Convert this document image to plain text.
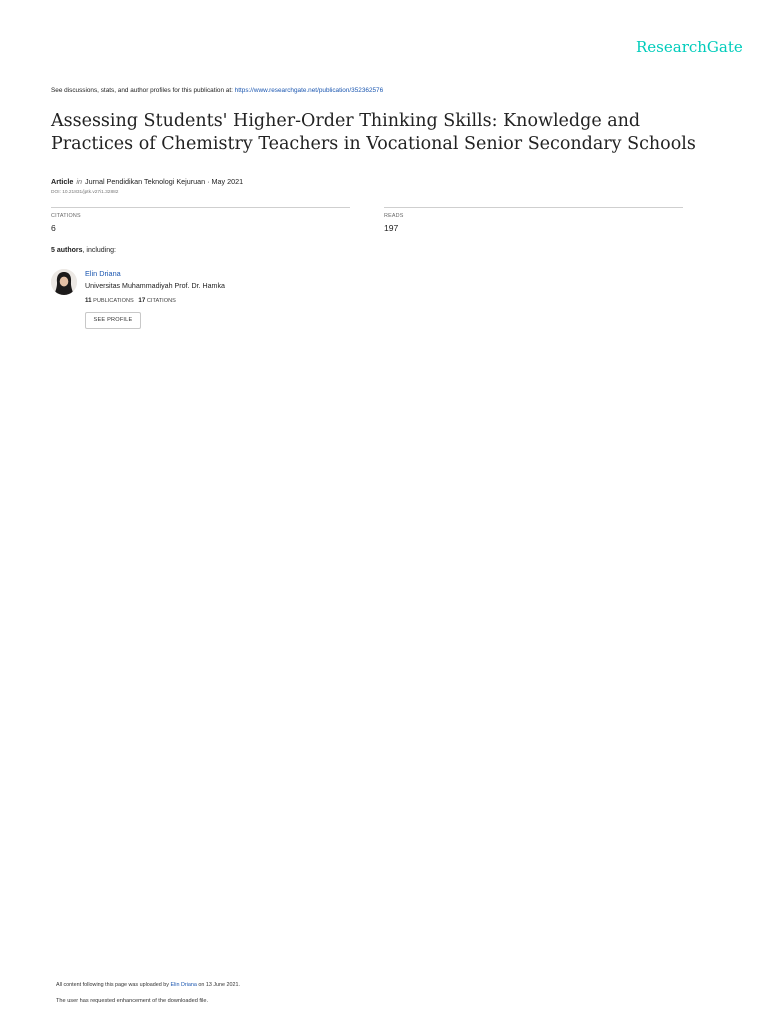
ResearchGate
See discussions, stats, and author profiles for this publication at: https://www.researchgate.net/publication/352362576
Assessing Students' Higher-Order Thinking Skills: Knowledge and Practices of Chemistry Teachers in Vocational Senior Secondary Schools
Article in Jurnal Pendidikan Teknologi Kejuruan · May 2021
DOI: 10.21831/jptk.v27i1.32882
CITATIONS
6
READS
197
5 authors, including:
Elin Driana
Universitas Muhammadiyah Prof. Dr. Hamka
11 PUBLICATIONS 17 CITATIONS
SEE PROFILE
All content following this page was uploaded by Elin Driana on 13 June 2021.
The user has requested enhancement of the downloaded file.
